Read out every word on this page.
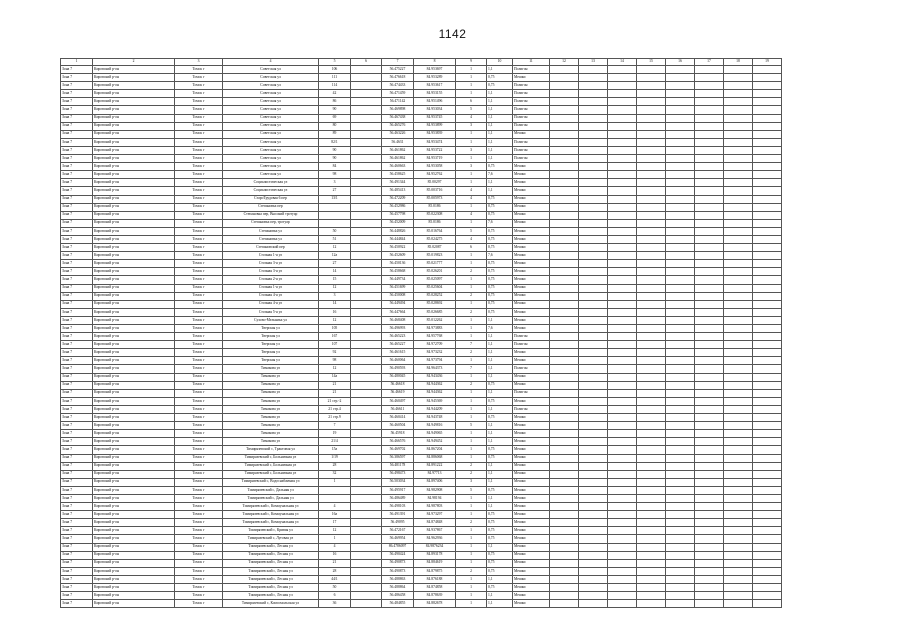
1142
1	2	3	4	5	6	7	8	9	10	11	12	13	14	15	16	17	18	19
Зона 7	Кировский р-он	Томск г	Советская ул	106		56.475227	84.953697	1	1,1	Полигон								
Зона 7	Кировский р-он	Томск г	Советская ул	111		56.476618	84.953289	1	0,75	Мешки								
Зона 7	Кировский р-он	Томск г	Советская ул	114		56.474433	84.953617	1	0,75	Полигон								
Зона 7	Кировский р-он	Томск г	Советская ул	42		56.471459	84.953155	1	1,1	Полигон								
Зона 7	Кировский р-он	Томск г	Советская ул	86		56.471142	84.951496	6	1,1	Полигон								
Зона 7	Кировский р-он	Томск г	Советская ул	90		56.469898	84.953034	5	1,1	Полигон								
Зона 7	Кировский р-он	Томск г	Советская ул	69		56.467438	84.953745	4	1,1	Полигон								
Зона 7	Кировский р-он	Томск г	Советская ул	80		56.465276	84.953899	3	1,1	Полигон								
Зона 7	Кировский р-он	Томск г	Советская ул	89		56.463226	84.953839	1	1,1	Мешки								
Зона 7	Кировский р-он	Томск г	Советская ул	82/1		56.4631	84.953474	1	1,1	Полигон								
Зона 7	Кировский р-он	Томск г	Советская ул	90		56.461862	84.953722	3	1,1	Полигон								
Зона 7	Кировский р-он	Томск г	Советская ул	90		56.461862	84.953719	1	1,1	Полигон								
Зона 7	Кировский р-он	Томск г	Советская ул	84		56.460663	84.953058	3	0,75	Мешки								
Зона 7	Кировский р-он	Томск г	Советская ул	98		56.458625	84.952762	1	7,6	Мешки								
Зона 7	Кировский р-он	Томск г	Социалистическая ул	3		56.491344	85.00297	1	1,1	Мешки								
Зона 7	Кировский р-он	Томск г	Социалистическая ул	27		56.485413	85.003716	4	1,1	Мешки								
Зона 7	Кировский р-он	Томск г	СтароТрудовая 6 пер	13/1		56.472209	85.005973	4	0,75	Мешки								
Зона 7	Кировский р-он	Томск г	Степановка пер			56.452986	85.0186	1	0,75	Мешки								
Зона 7	Кировский р-он	Томск г	Степановка пер, Высокий тротуар			56.457798	85.022308	4	0,75	Мешки								
Зона 7	Кировский р-он	Томск г	Степановка пер, тротуар			56.452009	85.0186	1	7,6	Мешки								
Зона 7	Кировский р-он	Томск г	Степановка ул	50		56.448826	85.016764	5	0,75	Мешки								
Зона 7	Кировский р-он	Томск г	Степановка ул	51		56.444844	85.024275	4	0,75	Мешки								
Зона 7	Кировский р-он	Томск г	Степановский пер	12		56.450922	85.02087	6	0,75	Мешки								
Зона 7	Кировский р-он	Томск г	Стопная 1-я ул	12а		56.452609	85.019823	1	7,6	Мешки								
Зона 7	Кировский р-он	Томск г	Стопная 3-я ул	27		56.450136	85.021777	1	0,75	Мешки								
Зона 7	Кировский р-он	Томск г	Стопная 3-я ул	14		56.458668	85.026201	2	0,75	Мешки								
Зона 7	Кировский р-он	Томск г	Стопная 2-я ул	15		56.449734	85.025097	1	0,75	Мешки								
Зона 7	Кировский р-он	Томск г	Стопная 1-я ул	12		56.451699	85.025604	1	0,75	Мешки								
Зона 7	Кировский р-он	Томск г	Стопная 4-я ул	3		56.450008	85.028252	2	0,75	Мешки								
Зона 7	Кировский р-он	Томск г	Стопная 4-я ул	14		56.449494	85.028692	1	0,75	Мешки								
Зона 7	Кировский р-он	Томск г	Стопная 5-я ул	16		56.447664	85.026685	2	0,75	Мешки								
Зона 7	Кировский р-он	Томск г	Сухово-Мельника ул	12		56.468408	85.012262	1	1,1	Мешки								
Зона 7	Кировский р-он	Томск г	Тверская ул	105		56.496993	84.973883	1	7,6	Мешки								
Зона 7	Кировский р-он	Томск г	Тверская ул	167		56.465223	84.957768	1	1,1	Полигон								
Зона 7	Кировский р-он	Томск г	Тверская ул	107		56.465227	84.972709	7	1,1	Полигон								
Зона 7	Кировский р-он	Томск г	Тверская ул	92		56.461615	84.973232	2	1,1	Мешки								
Зона 7	Кировский р-он	Томск г	Тверская ул	98		56.460064	84.973794	1	1,1	Мешки								
Зона 7	Кировский р-он	Томск г	Тимакова ул	12		56.490593	84.964373	7	1,1	Полигон								
Зона 7	Кировский р-он	Томск г	Тимакова ул	14а		56.480045	84.943436	1	1,1	Мешки								
Зона 7	Кировский р-он	Томск г	Тимакова ул	21		56.46618	84.944362	2	0,75	Мешки								
Зона 7	Кировский р-он	Томск г	Тимакова ул	21		56.46619	84.944362	1	1,1	Полигон								
Зона 7	Кировский р-он	Томск г	Тимакова ул	21 стр.-2		56.460497	84.945369	1	0,75	Мешки								
Зона 7	Кировский р-он	Томск г	Тимакова ул	21 стр.4		56.46611	84.944209	1	1,1	Полигон								
Зона 7	Кировский р-он	Томск г	Тимакова ул	21 стр.9		56.460414	84.943748	1	0,75	Мешки								
Зона 7	Кировский р-он	Томск г	Тимакова ул	7		56.460504	84.949816	5	1,1	Мешки								
Зона 7	Кировский р-он	Томск г	Тимакова ул	19		56.45918	84.949065	1	1,1	Мешки								
Зона 7	Кировский р-он	Томск г	Тимакова ул	21/4		56.466576	84.949452	1	1,1	Мешки								
Зона 7	Кировский р-он	Томск г	Тимирязевский с, Трактовая ул	15а		56.469702	84.867204	1	0,75	Мешки								
Зона 7	Кировский р-он	Томск г	Тимирязевский с, Больничная ул	1/19		56.386597	84.886068	1	0,75	Мешки								
Зона 7	Кировский р-он	Томск г	Тимирязевский с, Больничная ул	28		56.481178	84.891222	2	1,1	Мешки								
Зона 7	Кировский р-он	Томск г	Тимирязевский с, Больничная ул	32		56.498473	84.97713	2	1,1	Мешки								
Зона 7	Кировский р-он	Томск г	Тимирязевский с, Водоснабжения ул	1		56.503034	84.897406	3	1,1	Мешки								
Зона 7	Кировский р-он	Томск г	Тимирязевский с, Дальняя ул			56.495917	84.982908	5	0,75	Мешки								
Зона 7	Кировский р-он	Томск г	Тимирязевский с, Дальняя ул			56.486489	84.98194	1	1,1	Мешки								
Зона 7	Кировский р-он	Томск г	Тимирязевский с, Коммунальная ул	4		56.498103	84.987803	1	1,1	Мешки								
Зона 7	Кировский р-он	Томск г	Тимирязевский с, Коммунальная ул	16а		56.491391	84.973297	1	0,75	Мешки								
Зона 7	Кировский р-он	Томск г	Тимирязевский с, Коммунальная ул	17		56.49095	84.874848	2	0,75	Мешки								
Зона 7	Кировский р-он	Томск г	Тимирязевский с, Кривая ул	12		56.472167	84.937867	1	0,75	Мешки								
Зона 7	Кировский р-он	Томск г	Тимирязевский с, Луговая ул	1		56.469954	84.962936	1	0,75	Мешки								
Зона 7	Кировский р-он	Томск г	Тимирязевский с, Лесная ул	4		86.4786097	84.9876234	1	1,1	Мешки								
Зона 7	Кировский р-он	Томск г	Тимирязевский с, Лесная ул	16		56.490424	84.893178	1	0,75	Мешки								
Зона 7	Кировский р-он	Томск г	Тимирязевский с, Лесная ул	21		56.490873	84.884619	1	0,75	Мешки								
Зона 7	Кировский р-он	Томск г	Тимирязевский с, Лесная ул	28		56.490873	84.879875	2	0,75	Мешки								
Зона 7	Кировский р-он	Томск г	Тимирязевский с, Лесная ул	44/1		56.488863	84.876188	1	1,1	Мешки								
Зона 7	Кировский р-он	Томск г	Тимирязевский с, Лесная ул	50		56.488864	84.874858	1	0,75	Мешки								
Зона 7	Кировский р-он	Томск г	Тимирязевский с, Лесная ул	6		56.486458	84.878639	1	1,1	Мешки								
Зона 7	Кировский р-он	Томск г	Тимирязевский с, Комсомольская ул	36		56.484855	84.882678	1	1,1	Мешки								
